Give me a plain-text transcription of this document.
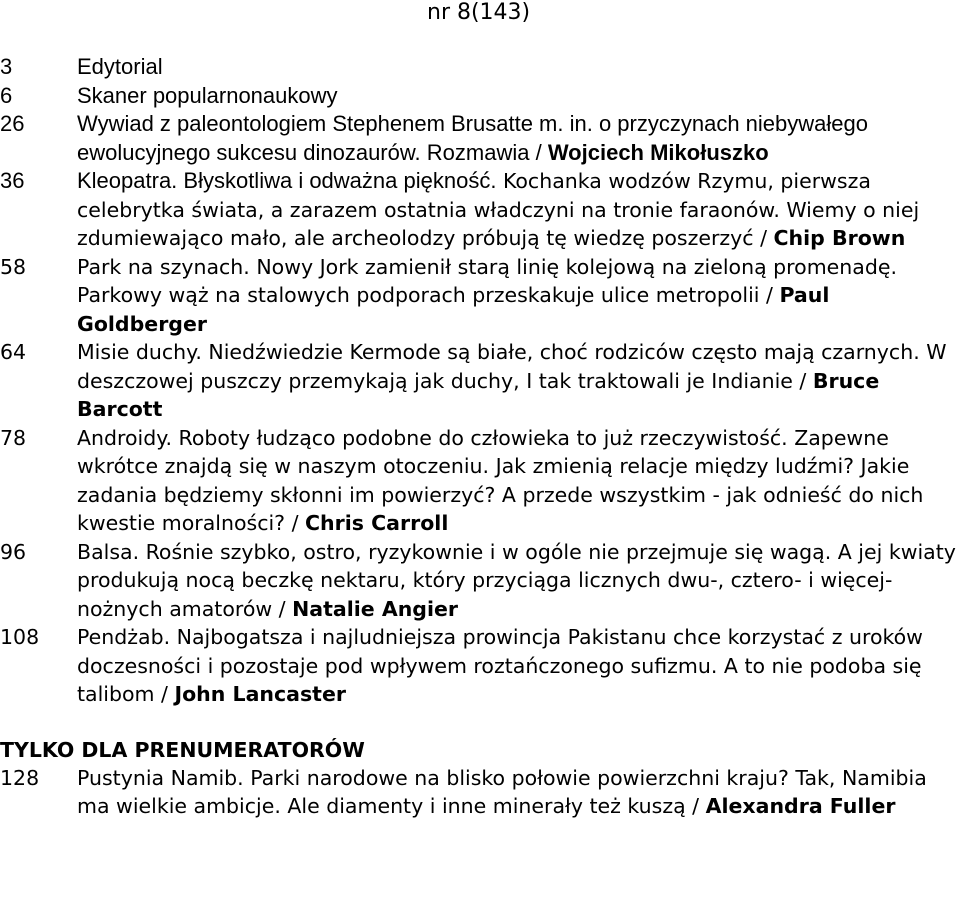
nr 8(143)
3	Edytorial
6	Skaner popularnonaukowy
26	Wywiad z paleontologiem Stephenem Brusatte m. in. o przyczynach niebywałego ewolucyjnego sukcesu dinozaurów. Rozmawia / Wojciech Mikołuszko
36	Kleopatra. Błyskotliwa i odważna piękność. Kochanka wodzów Rzymu, pierwsza celebrytka świata, a zarazem ostatnia władczyni na tronie faraonów. Wiemy o niej zdumiewająco mało, ale archeolodzy próbują tę wiedzę poszerzyć / Chip Brown
58	Park na szynach. Nowy Jork zamienił starą linię kolejową na zieloną promenadę. Parkowy wąż na stalowych podporach przeskakuje ulice metropolii / Paul Goldberger
64	Misie duchy. Niedźwiedzie Kermode są białe, choć rodziców często mają czarnych. W deszczowej puszczy przemykają jak duchy, I tak traktowali je Indianie / Bruce Barcott
78	Androidy. Roboty łudząco podobne do człowieka to już rzeczywistość. Zapewne wkrótce znajdą się w naszym otoczeniu. Jak zmienią relacje między ludźmi? Jakie zadania będziemy skłonni im powierzyć? A przede wszystkim - jak odnieść do nich kwestie moralności? / Chris Carroll
96	Balsa. Rośnie szybko, ostro, ryzykownie i w ogóle nie przejmuje się wagą. A jej kwiaty produkują nocą beczkę nektaru, który przyciąga licznych dwu-, cztero- i więcej-nożnych amatorów / Natalie Angier
108	Pendżab. Najbogatsza i najludniejsza prowincja Pakistanu chce korzystać z uroków doczesności i pozostaje pod wpływem roztańczonego sufizmu. A to nie podoba się talibom / John Lancaster
TYLKO DLA PRENUMERATORÓW
128	Pustynia Namib. Parki narodowe na blisko połowie powierzchni kraju? Tak, Namibia ma wielkie ambicje. Ale diamenty i inne minerały też kuszą / Alexandra Fuller
